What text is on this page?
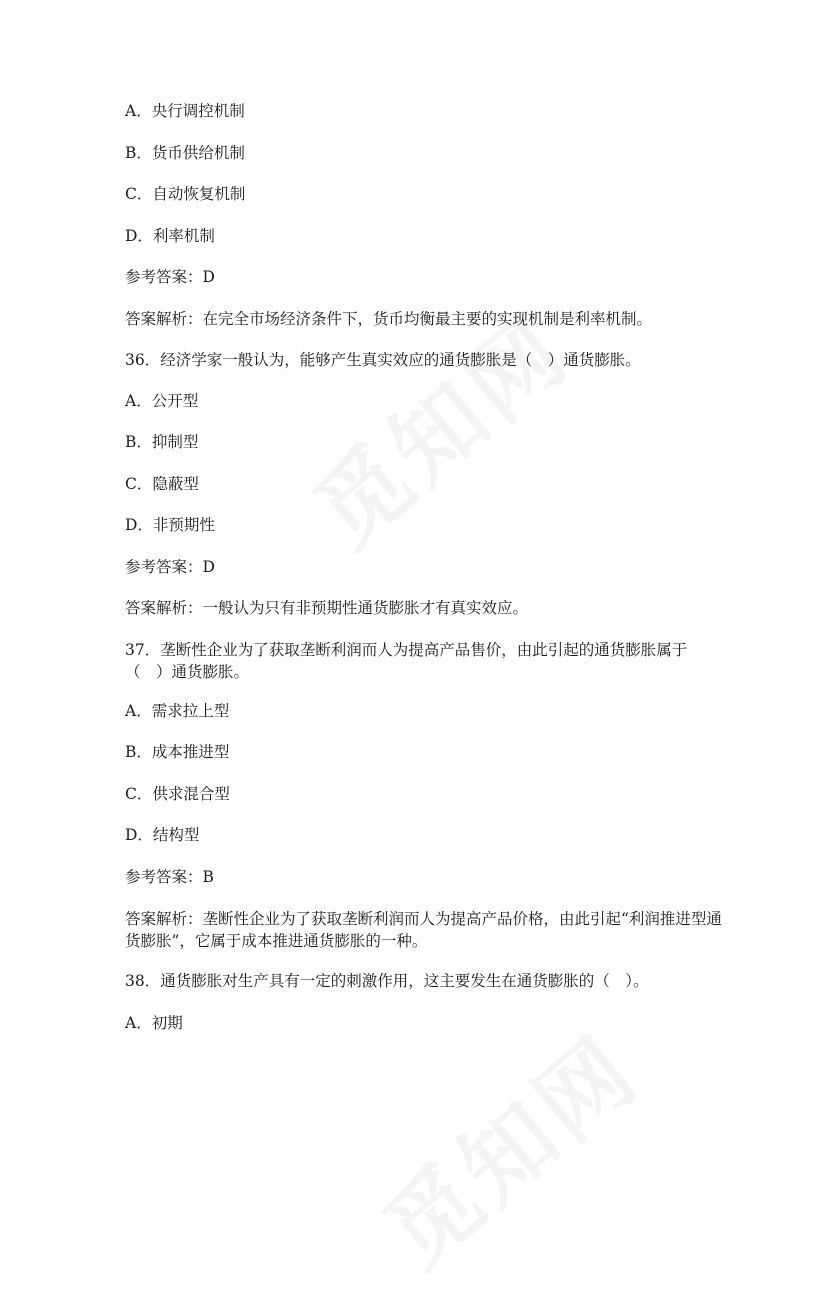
A．央行调控机制
B．货币供给机制
C．自动恢复机制
D．利率机制
参考答案：D
答案解析：在完全市场经济条件下，货币均衡最主要的实现机制是利率机制。
36．经济学家一般认为，能够产生真实效应的通货膨胀是（　）通货膨胀。
A．公开型
B．抑制型
C．隐蔽型
D．非预期性
参考答案：D
答案解析：一般认为只有非预期性通货膨胀才有真实效应。
37．垄断性企业为了获取垄断利润而人为提高产品售价，由此引起的通货膨胀属于（　）通货膨胀。
A．需求拉上型
B．成本推进型
C．供求混合型
D．结构型
参考答案：B
答案解析：垄断性企业为了获取垄断利润而人为提高产品价格，由此引起“利润推进型通货膨胀”，它属于成本推进通货膨胀的一种。
38．通货膨胀对生产具有一定的刺激作用，这主要发生在通货膨胀的（　）。
A．初期
